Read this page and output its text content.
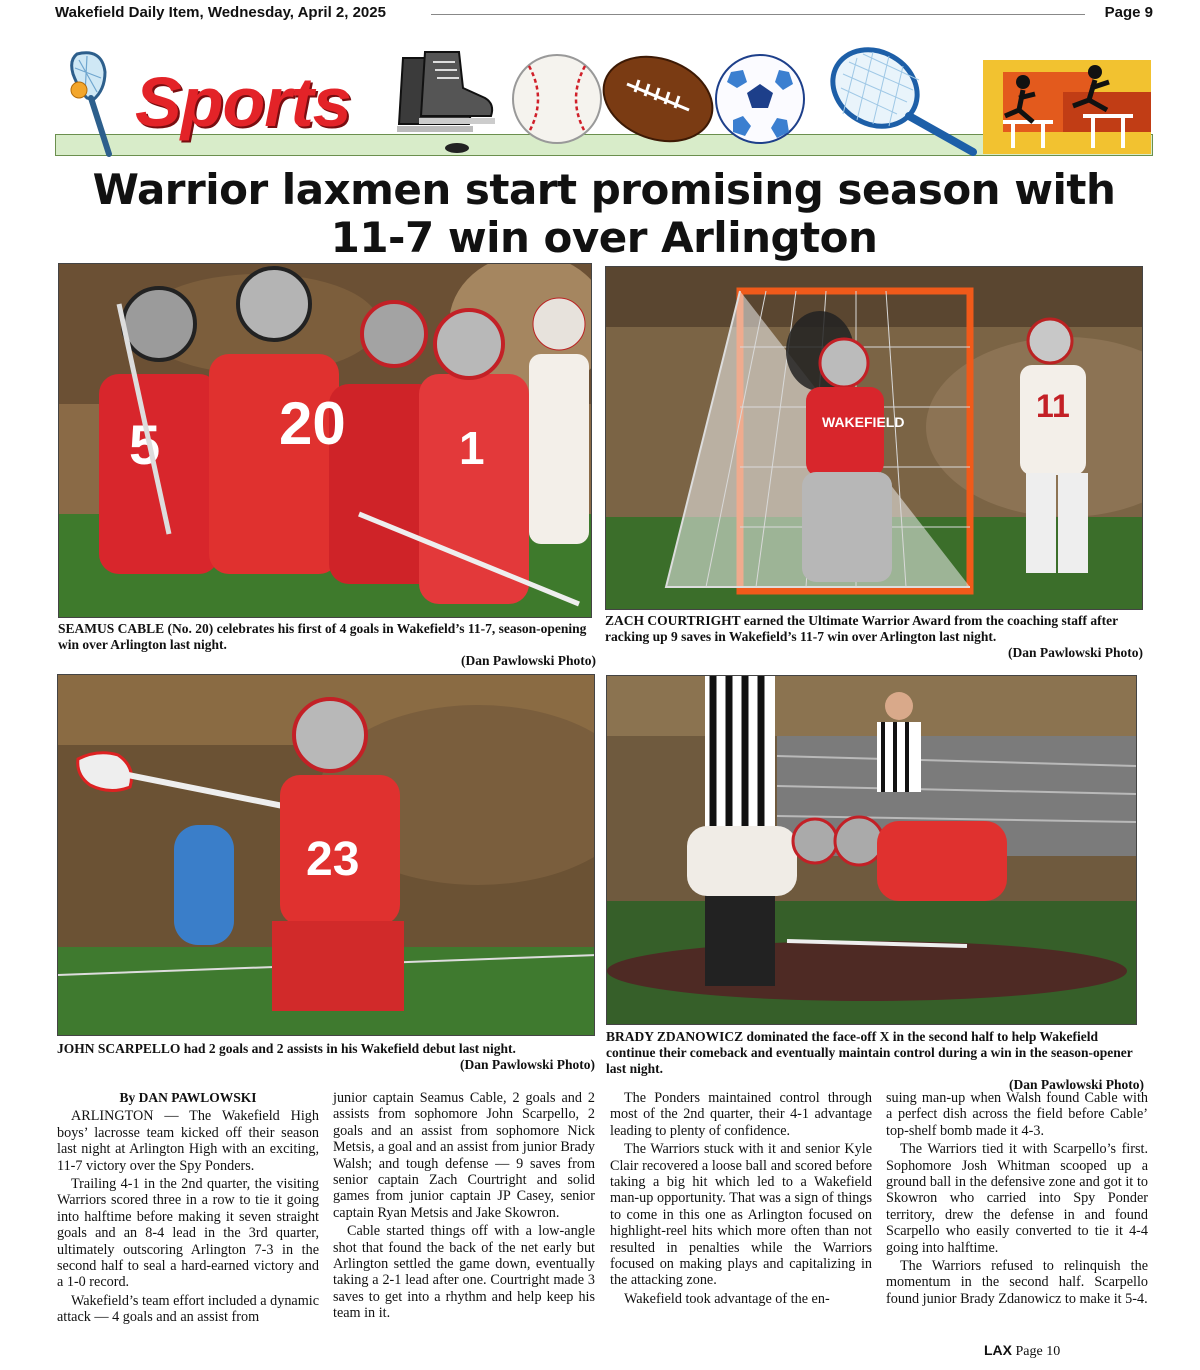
Wakefield Daily Item, Wednesday, April 2, 2025	Page 9
Sports
Warrior laxmen start promising season with
11-7 win over Arlington
20
5	1
SEAMUS CABLE (No. 20) celebrates his first of 4 goals in Wakefield’s 11-7, season-opening win over Arlington last night.
(Dan Pawlowski Photo)
WAKEFIELD	11
ZACH COURTRIGHT earned the Ultimate Warrior Award from the coaching staff after racking up 9 saves in Wakefield’s 11-7 win over Arlington last night.
(Dan Pawlowski Photo)
23
JOHN SCARPELLO had 2 goals and 2 assists in his Wakefield debut last night.
(Dan Pawlowski Photo)
BRADY ZDANOWICZ dominated the face-off X in the second half to help Wakefield continue their comeback and eventually maintain control during a win in the season-opener last night.
(Dan Pawlowski Photo)

By DAN PAWLOWSKI

ARLINGTON — The Wakefield High boys’ lacrosse team kicked off their season last night at Arlington High with an exciting, 11-7 victory over the Spy Ponders.

Trailing 4-1 in the 2nd quarter, the visiting Warriors scored three in a row to tie it going into halftime before making it seven straight goals and an 8-4 lead in the 3rd quarter, ultimately outscoring Arlington 7-3 in the second half to seal a hard-earned victory and a 1-0 record.

Wakefield’s team effort included a dynamic attack — 4 goals and an assist from

junior captain Seamus Cable, 2 goals and 2 assists from sophomore John Scarpello, 2 goals and an assist from sophomore Nick Metsis, a goal and an assist from junior Brady Walsh; and tough defense — 9 saves from senior captain Zach Courtright and solid games from junior captain JP Casey, senior captain Ryan Metsis and Jake Skowron.

Cable started things off with a low-angle shot that found the back of the net early but Arlington settled the game down, eventually taking a 2-1 lead after one. Courtright made 3 saves to get into a rhythm and help keep his team in it.

The Ponders maintained control through most of the 2nd quarter, their 4-1 advantage leading to plenty of confidence.

The Warriors stuck with it and senior Kyle Clair recovered a loose ball and scored before taking a big hit which led to a Wakefield man-up opportunity. That was a sign of things to come in this one as Arlington focused on highlight-reel hits which more often than not resulted in penalties while the Warriors focused on making plays and capitalizing in the attacking zone.

Wakefield took advantage of the en-

suing man-up when Walsh found Cable with a perfect dish across the field before Cable’ top-shelf bomb made it 4-3.

The Warriors tied it with Scarpello’s first. Sophomore Josh Whitman scooped up a ground ball in the defensive zone and got it to Skowron who carried into Spy Ponder territory, drew the defense in and found Scarpello who easily converted to tie it 4-4 going into halftime.

The Warriors refused to relinquish the momentum in the second half. Scarpello found junior Brady Zdanowicz to make it 5-4.

LAX Page 10
